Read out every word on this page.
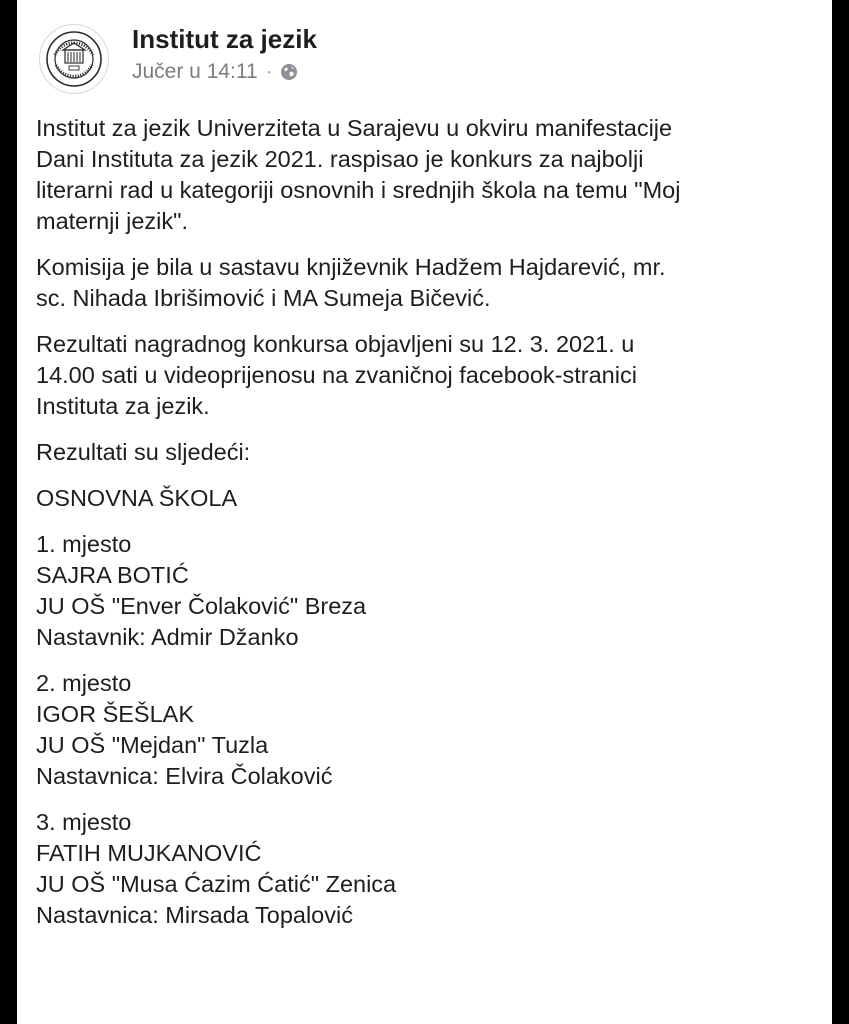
Institut za jezik
Jučer u 14:11 ·

Institut za jezik Univerziteta u Sarajevu u okviru manifestacije
Dani Instituta za jezik 2021. raspisao je konkurs za najbolji
literarni rad u kategoriji osnovnih i srednjih škola na temu "Moj
maternji jezik".

Komisija je bila u sastavu književnik Hadžem Hajdarević, mr.
sc. Nihada Ibrišimović i MA Sumeja Bičević.

Rezultati nagradnog konkursa objavljeni su 12. 3. 2021. u
14.00 sati u videoprijenosu na zvaničnoj facebook-stranici
Instituta za jezik.

Rezultati su sljedeći:

OSNOVNA ŠKOLA

1. mjesto

SAJRA BOTIĆ

JU OŠ "Enver Čolaković" Breza

Nastavnik: Admir Džanko

2. mjesto

IGOR ŠEŠLAK

JU OŠ "Mejdan" Tuzla

Nastavnica: Elvira Čolaković

3. mjesto

FATIH MUJKANOVIĆ

JU OŠ "Musa Ćazim Ćatić" Zenica

Nastavnica: Mirsada Topalović
